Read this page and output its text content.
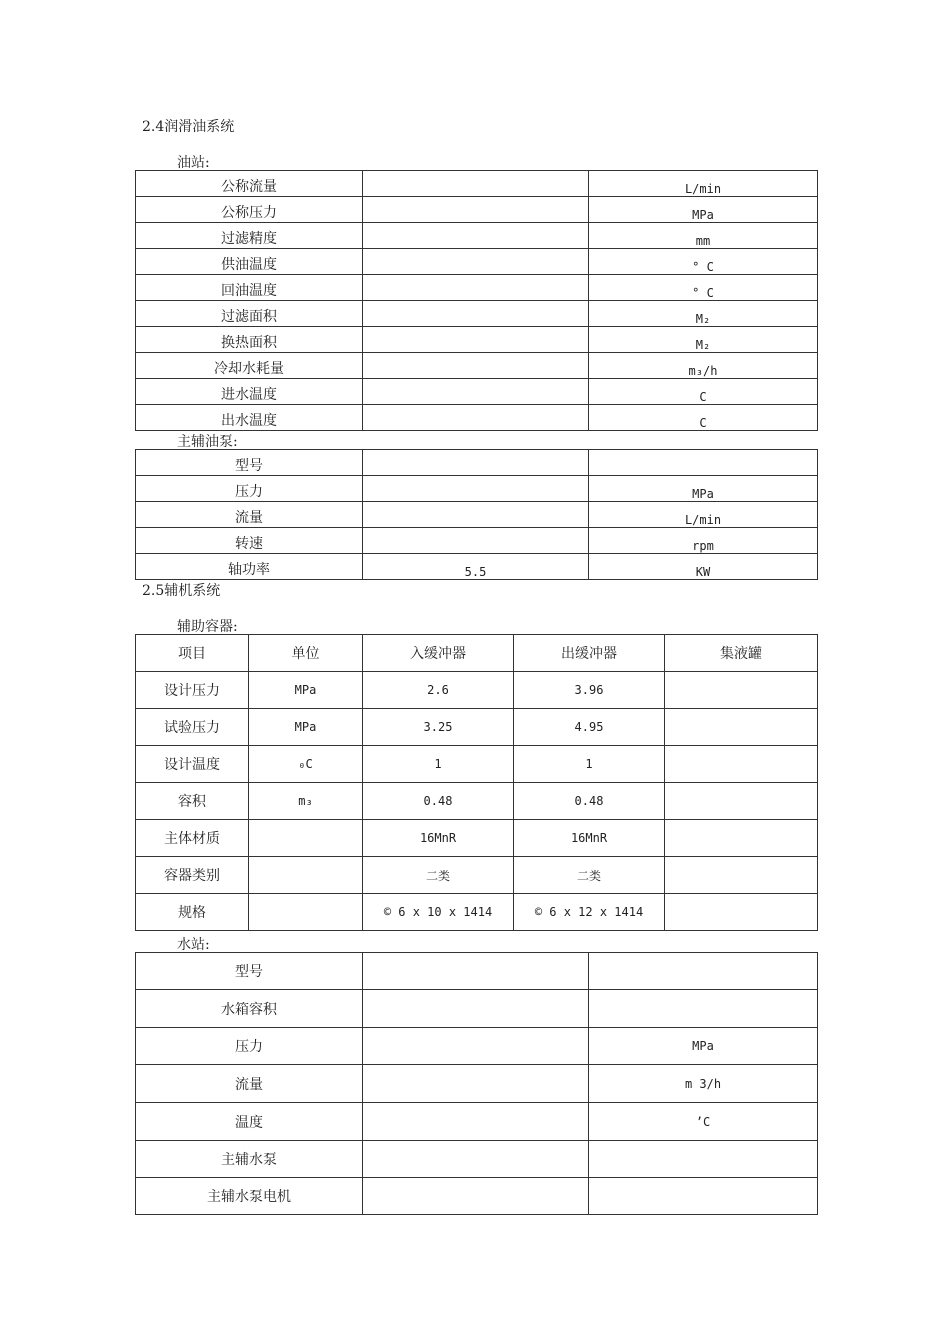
2.4润滑油系统
油站:
公称流量		L/min
公称压力		MPa
过滤精度		mm
供油温度		° C
回油温度		° C
过滤面积		M₂
换热面积		M₂
冷却水耗量		m₃/h
进水温度		C
出水温度		C
主辅油泵:
型号		
压力		MPa
流量		L/min
转速		rpm
轴功率	5.5	KW
2.5辅机系统
辅助容器:
项目	单位	入缓冲器	出缓冲器	集液罐
设计压力	MPa	2.6	3.96	
试验压力	MPa	3.25	4.95	
设计温度	₀C	1	1	
容积	m₃	0.48	0.48	
主体材质		16MnR	16MnR	
容器类别		二类	二类	
规格		© 6 x 10 x 1414	© 6 x 12 x 1414	
水站:
型号		
水箱容积		
压力		MPa
流量		m 3/h
温度		’C
主辅水泵		
主辅水泵电机		
